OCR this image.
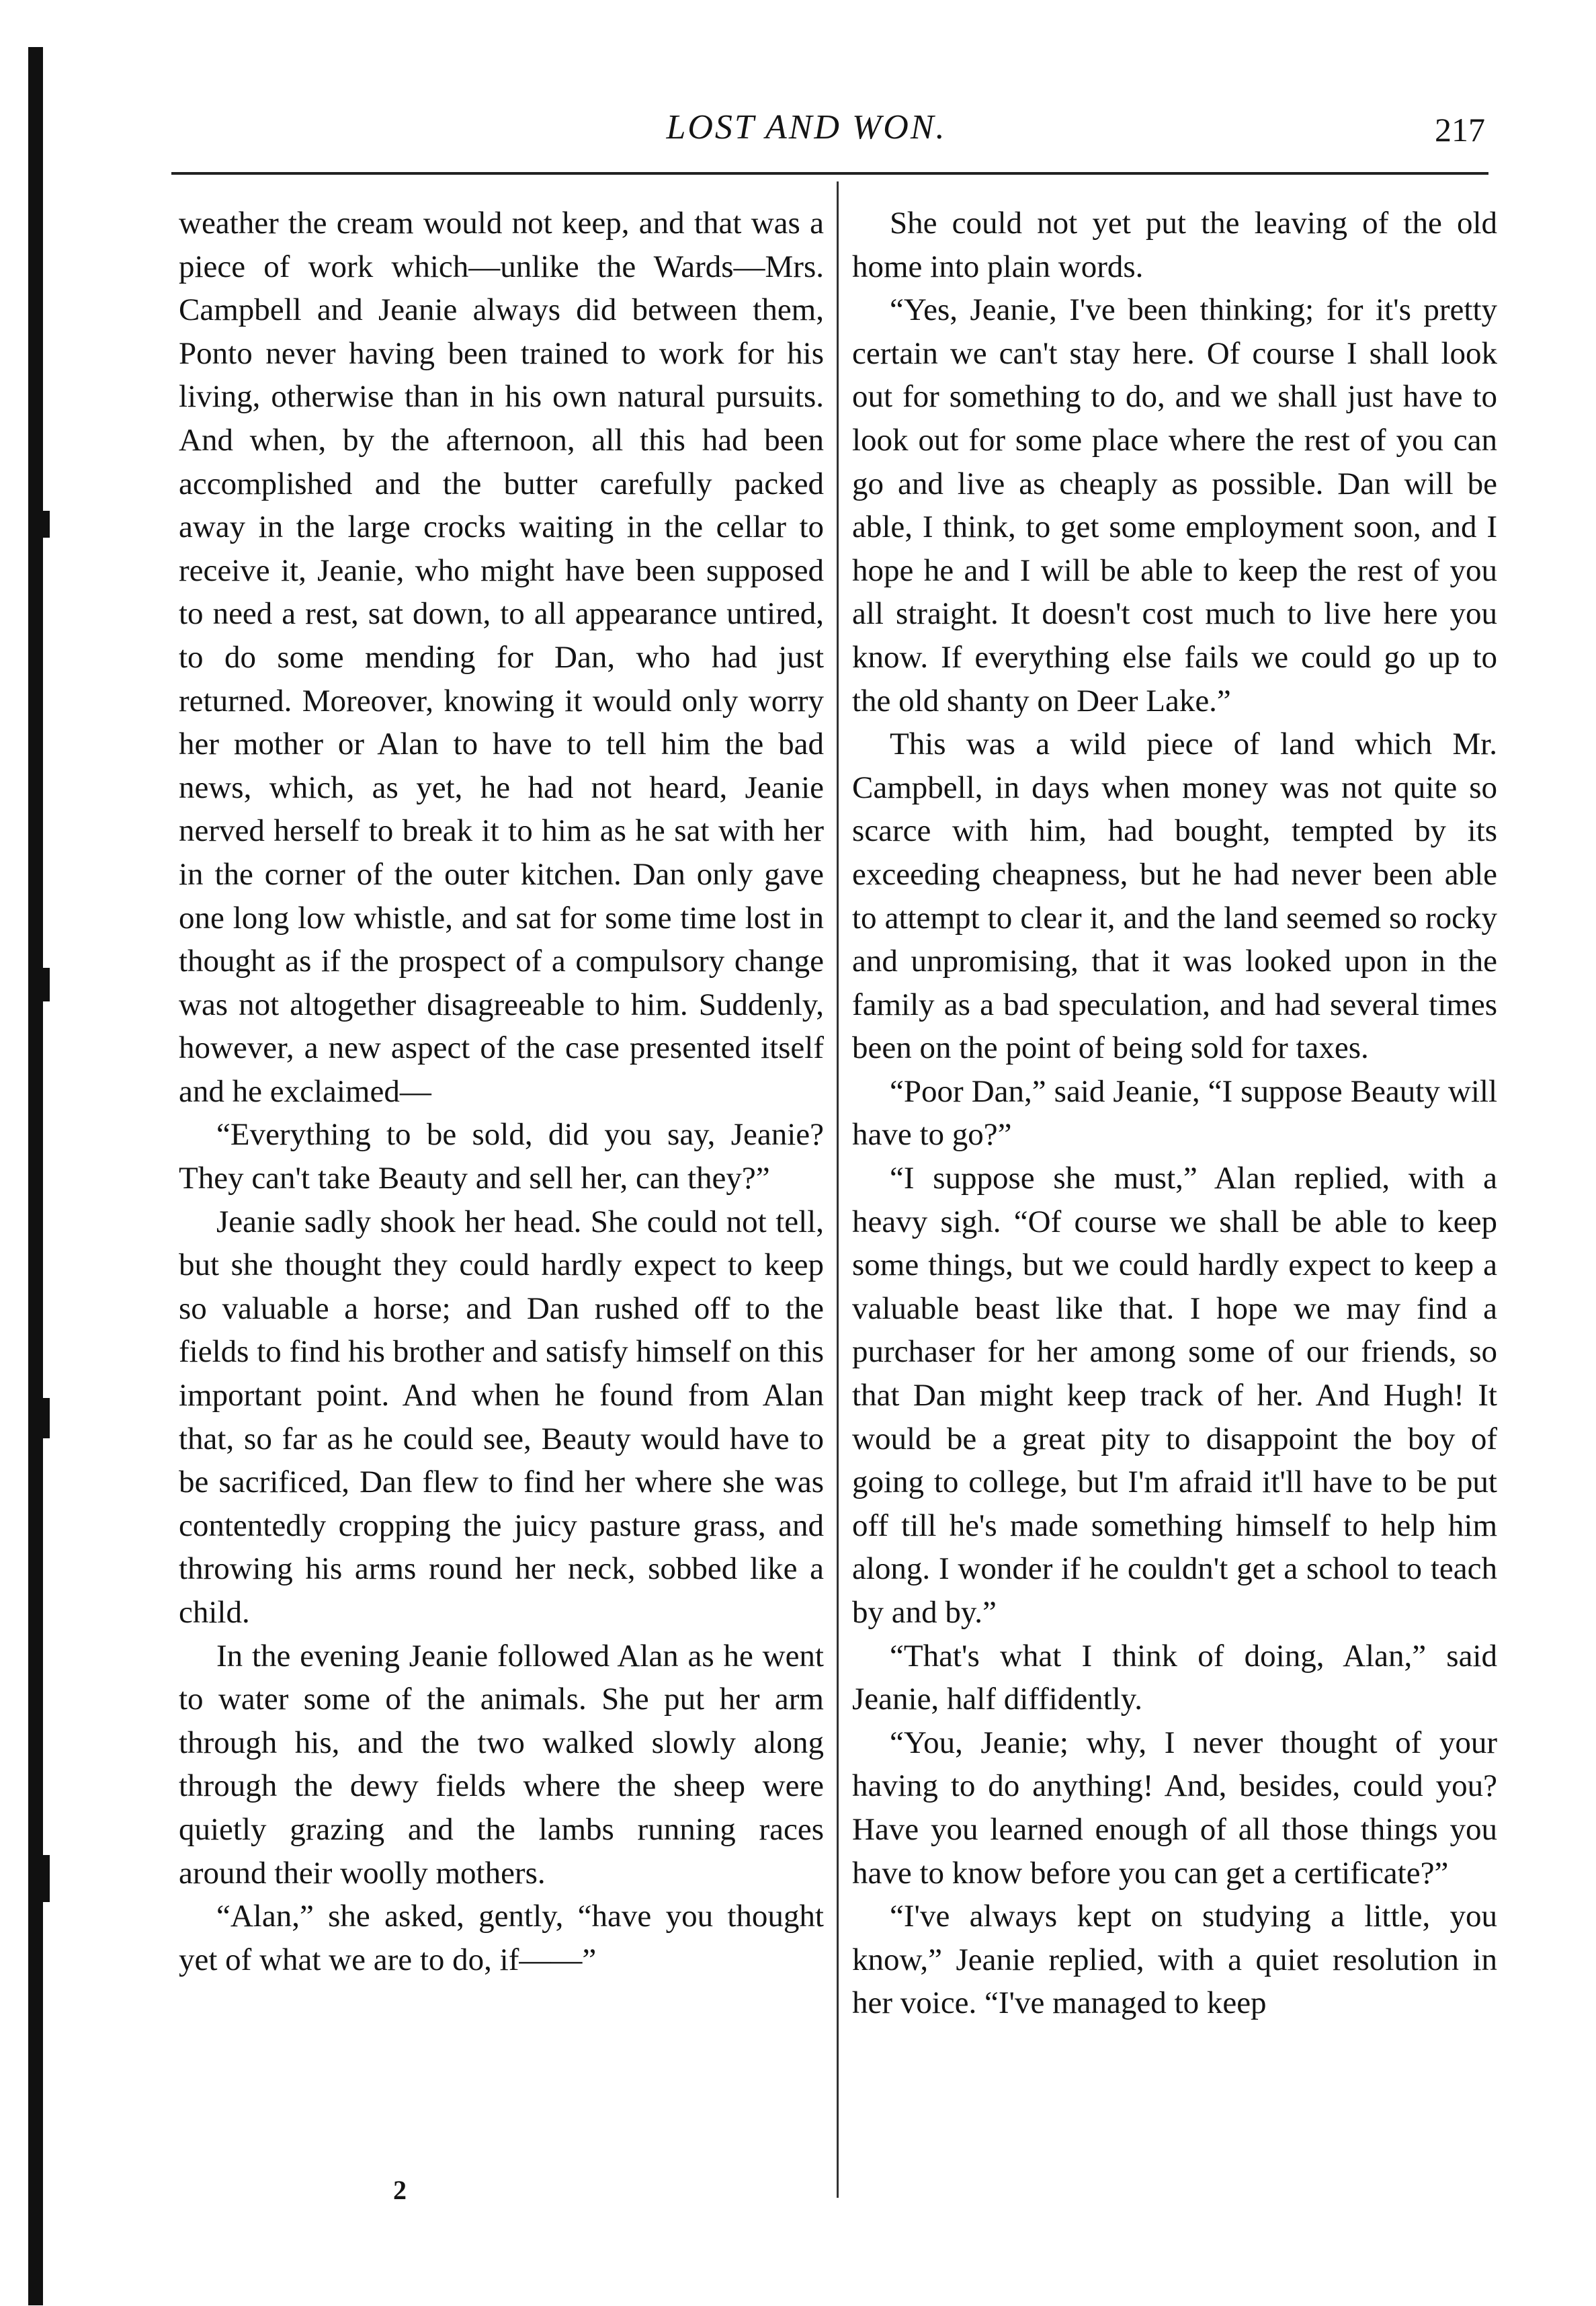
LOST AND WON.	217

weather the cream would not keep, and that was a piece of work which—unlike the Wards—Mrs. Campbell and Jeanie always did between them, Ponto never having been trained to work for his living, otherwise than in his own natural pursuits. And when, by the afternoon, all this had been accomplished and the butter carefully packed away in the large crocks waiting in the cellar to receive it, Jeanie, who might have been supposed to need a rest, sat down, to all appearance untired, to do some mending for Dan, who had just returned. Moreover, knowing it would only worry her mother or Alan to have to tell him the bad news, which, as yet, he had not heard, Jeanie nerved herself to break it to him as he sat with her in the corner of the outer kitchen. Dan only gave one long low whistle, and sat for some time lost in thought as if the prospect of a compulsory change was not altogether disagreeable to him. Suddenly, however, a new aspect of the case presented itself and he exclaimed—

“Everything to be sold, did you say, Jeanie? They can't take Beauty and sell her, can they?”

Jeanie sadly shook her head. She could not tell, but she thought they could hardly expect to keep so valuable a horse; and Dan rushed off to the fields to find his brother and satisfy himself on this important point. And when he found from Alan that, so far as he could see, Beauty would have to be sacrificed, Dan flew to find her where she was contentedly cropping the juicy pasture grass, and throwing his arms round her neck, sobbed like a child.

In the evening Jeanie followed Alan as he went to water some of the animals. She put her arm through his, and the two walked slowly along through the dewy fields where the sheep were quietly grazing and the lambs running races around their woolly mothers.

“Alan,” she asked, gently, “have you thought yet of what we are to do, if——”

She could not yet put the leaving of the old home into plain words.

“Yes, Jeanie, I've been thinking; for it's pretty certain we can't stay here. Of course I shall look out for something to do, and we shall just have to look out for some place where the rest of you can go and live as cheaply as possible. Dan will be able, I think, to get some employment soon, and I hope he and I will be able to keep the rest of you all straight. It doesn't cost much to live here you know. If everything else fails we could go up to the old shanty on Deer Lake.”

This was a wild piece of land which Mr. Campbell, in days when money was not quite so scarce with him, had bought, tempted by its exceeding cheapness, but he had never been able to attempt to clear it, and the land seemed so rocky and unpromising, that it was looked upon in the family as a bad speculation, and had several times been on the point of being sold for taxes.

“Poor Dan,” said Jeanie, “I suppose Beauty will have to go?”

“I suppose she must,” Alan replied, with a heavy sigh. “Of course we shall be able to keep some things, but we could hardly expect to keep a valuable beast like that. I hope we may find a purchaser for her among some of our friends, so that Dan might keep track of her. And Hugh! It would be a great pity to disappoint the boy of going to college, but I'm afraid it'll have to be put off till he's made something himself to help him along. I wonder if he couldn't get a school to teach by and by.”

“That's what I think of doing, Alan,” said Jeanie, half diffidently.

“You, Jeanie; why, I never thought of your having to do anything! And, besides, could you? Have you learned enough of all those things you have to know before you can get a certificate?”

“I've always kept on studying a little, you know,” Jeanie replied, with a quiet resolution in her voice. “I've managed to keep

2
